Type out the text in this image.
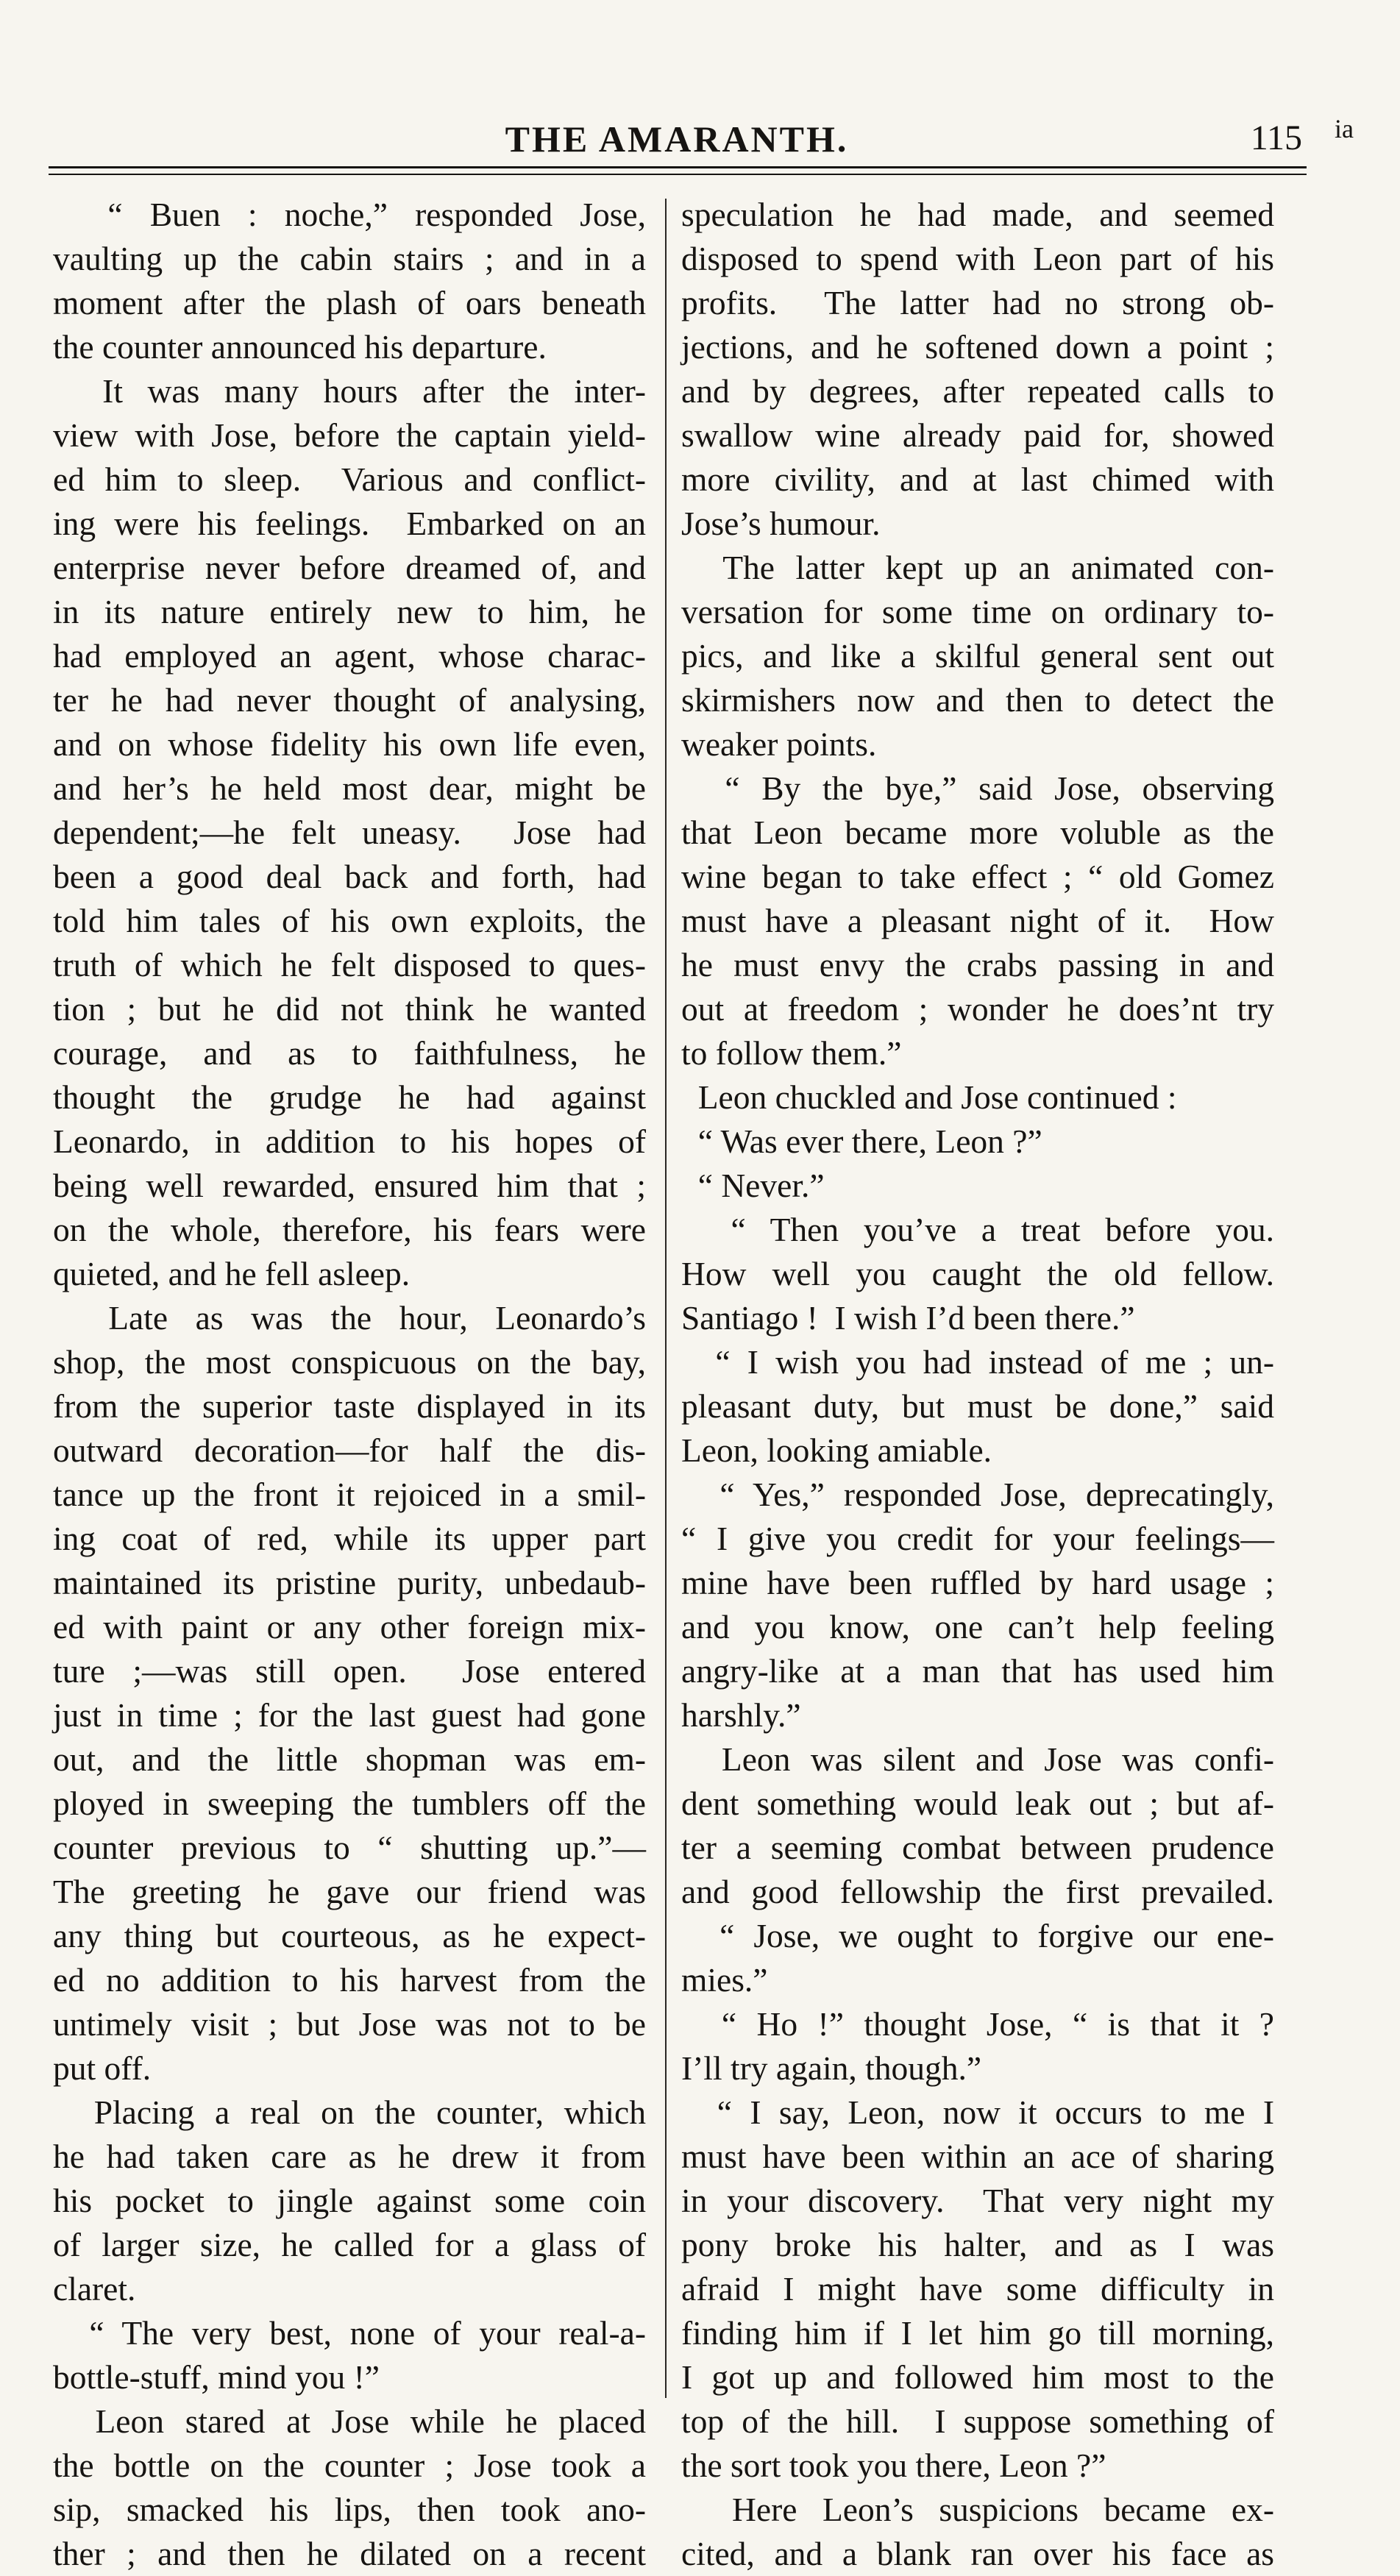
THE AMARANTH.	115 ia
“ Buen : noche,” responded Jose,
vaulting up the cabin stairs ; and in a
moment after the plash of oars beneath
the counter announced his departure.
It was many hours after the inter-
view with Jose, before the captain yield-
ed him to sleep.  Various and conflict-
ing were his feelings.  Embarked on an
enterprise never before dreamed of, and
in its nature entirely new to him, he
had employed an agent, whose charac-
ter he had never thought of analysing,
and on whose fidelity his own life even,
and her’s he held most dear, might be
dependent;—he felt uneasy.  Jose had
been a good deal back and forth, had
told him tales of his own exploits, the
truth of which he felt disposed to ques-
tion ; but he did not think he wanted
courage, and as to faithfulness, he
thought the grudge he had against
Leonardo, in addition to his hopes of
being well rewarded, ensured him that ;
on the whole, therefore, his fears were
quieted, and he fell asleep.
Late as was the hour, Leonardo’s
shop, the most conspicuous on the bay,
from the superior taste displayed in its
outward decoration—for half the dis-
tance up the front it rejoiced in a smil-
ing coat of red, while its upper part
maintained its pristine purity, unbedaub-
ed with paint or any other foreign mix-
ture ;—was still open.  Jose entered
just in time ; for the last guest had gone
out, and the little shopman was em-
ployed in sweeping the tumblers off the
counter previous to “ shutting up.”—
The greeting he gave our friend was
any thing but courteous, as he expect-
ed no addition to his harvest from the
untimely visit ; but Jose was not to be
put off.
Placing a real on the counter, which
he had taken care as he drew it from
his pocket to jingle against some coin
of larger size, he called for a glass of
claret.
“ The very best, none of your real-a-
bottle-stuff, mind you !”
Leon stared at Jose while he placed
the bottle on the counter ; Jose took a
sip, smacked his lips, then took ano-
ther ; and then he dilated on a recent
speculation he had made, and seemed
disposed to spend with Leon part of his
profits.  The latter had no strong ob-
jections, and he softened down a point ;
and by degrees, after repeated calls to
swallow wine already paid for, showed
more civility, and at last chimed with
Jose’s humour.
The latter kept up an animated con-
versation for some time on ordinary to-
pics, and like a skilful general sent out
skirmishers now and then to detect the
weaker points.
“ By the bye,” said Jose, observing
that Leon became more voluble as the
wine began to take effect ; “ old Gomez
must have a pleasant night of it.  How
he must envy the crabs passing in and
out at freedom ; wonder he does’nt try
to follow them.”
Leon chuckled and Jose continued :
“ Was ever there, Leon ?”
“ Never.”
“ Then you’ve a treat before you.
How well you caught the old fellow.
Santiago !  I wish I’d been there.”
“ I wish you had instead of me ; un-
pleasant duty, but must be done,” said
Leon, looking amiable.
“ Yes,” responded Jose, deprecatingly,
“ I give you credit for your feelings—
mine have been ruffled by hard usage ;
and you know, one can’t help feeling
angry-like at a man that has used him
harshly.”
Leon was silent and Jose was confi-
dent something would leak out ; but af-
ter a seeming combat between prudence
and good fellowship the first prevailed.
“ Jose, we ought to forgive our ene-
mies.”
“ Ho !” thought Jose, “ is that it ?
I’ll try again, though.”
“ I say, Leon, now it occurs to me I
must have been within an ace of sharing
in your discovery.  That very night my
pony broke his halter, and as I was
afraid I might have some difficulty in
finding him if I let him go till morning,
I got up and followed him most to the
top of the hill.  I suppose something of
the sort took you there, Leon ?”
Here Leon’s suspicions became ex-
cited, and a blank ran over his face as
